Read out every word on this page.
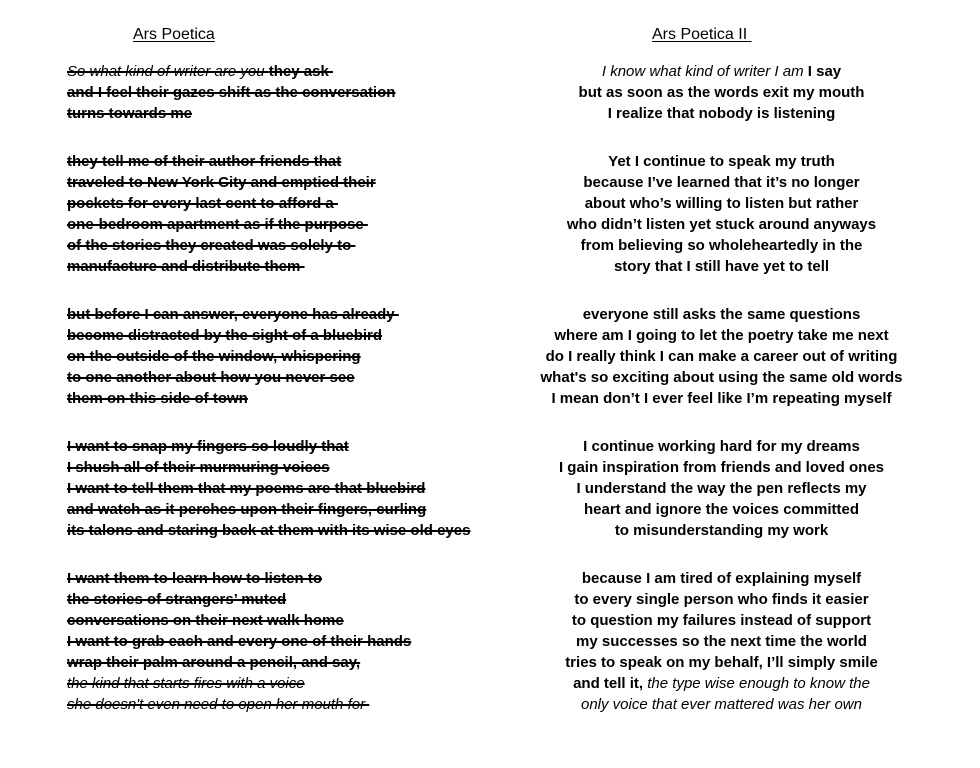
Ars Poetica	Ars Poetica II
So what kind of writer are you they ask
and I feel their gazes shift as the conversation
turns towards me
they tell me of their author friends that
traveled to New York City and emptied their
pockets for every last cent to afford a
one-bedroom apartment as if the purpose
of the stories they created was solely to
manufacture and distribute them
but before I can answer, everyone has already
become distracted by the sight of a bluebird
on the outside of the window, whispering
to one another about how you never see
them on this side of town
I want to snap my fingers so loudly that
I shush all of their murmuring voices
I want to tell them that my poems are that bluebird
and watch as it perches upon their fingers, curling
its talons and staring back at them with its wise old eyes
I want them to learn how to listen to
the stories of strangers’ muted
conversations on their next walk home
I want to grab each and every one of their hands
wrap their palm around a pencil, and say,
the kind that starts fires with a voice
she doesn't even need to open her mouth for
I know what kind of writer I am I say
but as soon as the words exit my mouth
I realize that nobody is listening
Yet I continue to speak my truth
because I’ve learned that it’s no longer
about who’s willing to listen but rather
who didn’t listen yet stuck around anyways
from believing so wholeheartedly in the
story that I still have yet to tell
everyone still asks the same questions
where am I going to let the poetry take me next
do I really think I can make a career out of writing
what's so exciting about using the same old words
I mean don’t I ever feel like I’m repeating myself
I continue working hard for my dreams
I gain inspiration from friends and loved ones
I understand the way the pen reflects my
heart and ignore the voices committed
to misunderstanding my work
because I am tired of explaining myself
to every single person who finds it easier
to question my failures instead of support
my successes so the next time the world
tries to speak on my behalf, I’ll simply smile
and tell it, the type wise enough to know the
only voice that ever mattered was her own
